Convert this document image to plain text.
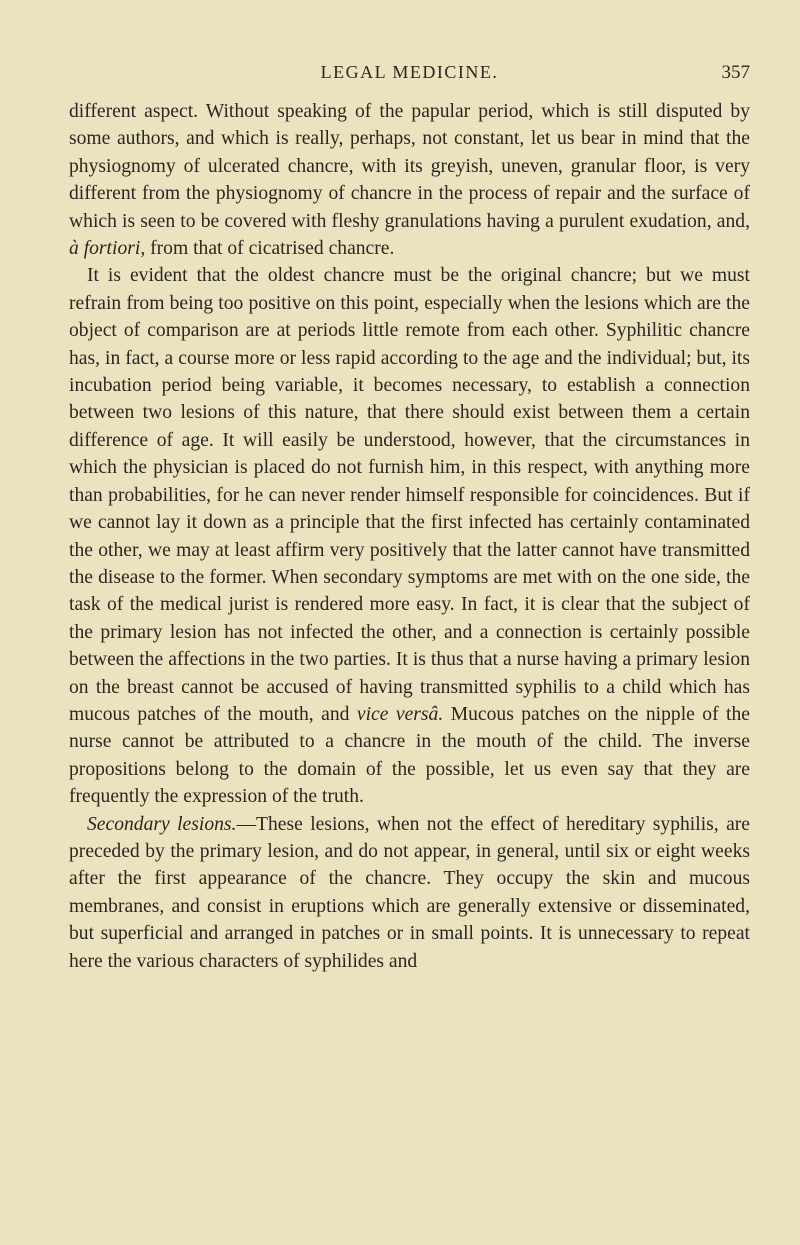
LEGAL MEDICINE.	357

different aspect. Without speaking of the papular period, which is still disputed by some authors, and which is really, perhaps, not constant, let us bear in mind that the physiognomy of ulcerated chancre, with its greyish, uneven, granular floor, is very different from the physiognomy of chancre in the process of repair and the surface of which is seen to be covered with fleshy granulations having a purulent exudation, and, à fortiori, from that of cicatrised chancre.

It is evident that the oldest chancre must be the original chancre; but we must refrain from being too positive on this point, especially when the lesions which are the object of comparison are at periods little remote from each other. Syphilitic chancre has, in fact, a course more or less rapid according to the age and the individual; but, its incubation period being variable, it becomes necessary, to establish a connection between two lesions of this nature, that there should exist between them a certain difference of age. It will easily be understood, however, that the circumstances in which the physician is placed do not furnish him, in this respect, with anything more than probabilities, for he can never render himself responsible for coincidences. But if we cannot lay it down as a principle that the first infected has certainly contaminated the other, we may at least affirm very positively that the latter cannot have transmitted the disease to the former. When secondary symptoms are met with on the one side, the task of the medical jurist is rendered more easy. In fact, it is clear that the subject of the primary lesion has not infected the other, and a connection is certainly possible between the affections in the two parties. It is thus that a nurse having a primary lesion on the breast cannot be accused of having transmitted syphilis to a child which has mucous patches of the mouth, and vice versâ. Mucous patches on the nipple of the nurse cannot be attributed to a chancre in the mouth of the child. The inverse propositions belong to the domain of the possible, let us even say that they are frequently the expression of the truth.

Secondary lesions.—These lesions, when not the effect of hereditary syphilis, are preceded by the primary lesion, and do not appear, in general, until six or eight weeks after the first appearance of the chancre. They occupy the skin and mucous membranes, and consist in eruptions which are generally extensive or disseminated, but superficial and arranged in patches or in small points. It is unnecessary to repeat here the various characters of syphilides and
